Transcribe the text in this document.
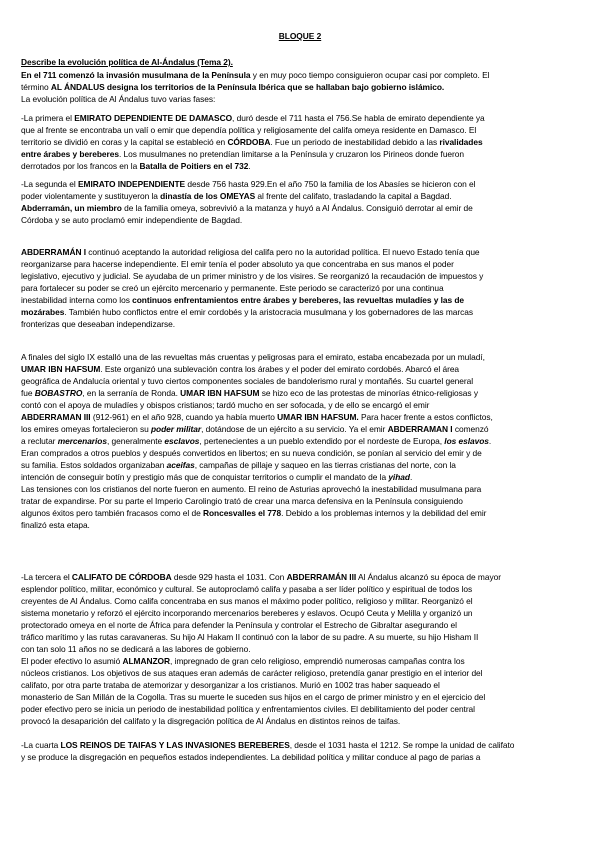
BLOQUE 2
Describe la evolución política de Al-Ándalus (Tema 2).
En el 711 comenzó la invasión musulmana de la Península y en muy poco tiempo consiguieron ocupar casi por completo. El
término AL ÁNDALUS designa los territorios de la Península Ibérica que se hallaban bajo gobierno islámico.
La evolución política de Al Ándalus tuvo varias fases:
-La primera el EMIRATO DEPENDIENTE DE DAMASCO, duró desde el 711 hasta el 756.Se habla de emirato dependiente ya
que al frente se encontraba un valí o emir que dependía política y religiosamente del califa omeya residente en Damasco. El
territorio se dividió en coras y la capital se estableció en CÓRDOBA. Fue un periodo de inestabilidad debido a las rivalidades
entre árabes y bereberes. Los musulmanes no pretendían limitarse a la Península y cruzaron los Pirineos donde fueron
derrotados por los francos en la Batalla de Poitiers en el 732.
-La segunda el EMIRATO INDEPENDIENTE desde 756 hasta 929.En el año 750 la familia de los Abasíes se hicieron con el
poder violentamente y sustituyeron la dinastía de los OMEYAS al frente del califato, trasladando la capital a Bagdad.
Abderramán, un miembro de la familia omeya, sobrevivió a la matanza y huyó a Al Ándalus. Consiguió derrotar al emir de
Córdoba y se auto proclamó emir independiente de Bagdad.
ABDERRAMÁN I continuó aceptando la autoridad religiosa del califa pero no la autoridad política. El nuevo Estado tenía que
reorganizarse para hacerse independiente. El emir tenía el poder absoluto ya que concentraba en sus manos el poder
legislativo, ejecutivo y judicial. Se ayudaba de un primer ministro y de los visires. Se reorganizó la recaudación de impuestos y
para fortalecer su poder se creó un ejército mercenario y permanente. Este periodo se caracterizó por una continua
inestabilidad interna como los continuos enfrentamientos entre árabes y bereberes, las revueltas muladíes y las de
mozárabes. También hubo conflictos entre el emir cordobés y la aristocracia musulmana y los gobernadores de las marcas
fronterizas que deseaban independizarse.
A finales del siglo IX estalló una de las revueltas más cruentas y peligrosas para el emirato, estaba encabezada por un muladí,
UMAR IBN HAFSUM. Este organizó una sublevación contra los árabes y el poder del emirato cordobés. Abarcó el área
geográfica de Andalucía oriental y tuvo ciertos componentes sociales de bandolerismo rural y montañés. Su cuartel general
fue BOBASTRO, en la serranía de Ronda. UMAR IBN HAFSUM se hizo eco de las protestas de minorías étnico-religiosas y
contó con el apoya de muladíes y obispos cristianos; tardó mucho en ser sofocada, y de ello se encargó el emir
ABDERRAMAN III (912-961) en el año 928, cuando ya había muerto UMAR IBN HAFSUM. Para hacer frente a estos conflictos,
los emires omeyas fortalecieron su poder militar, dotándose de un ejército a su servicio. Ya el emir ABDERRAMAN I comenzó
a reclutar mercenarios, generalmente esclavos, pertenecientes a un pueblo extendido por el nordeste de Europa, los eslavos.
Eran comprados a otros pueblos y después convertidos en libertos; en su nueva condición, se ponían al servicio del emir y de
su familia. Estos soldados organizaban aceifas, campañas de pillaje y saqueo en las tierras cristianas del norte, con la
intención de conseguir botín y prestigio más que de conquistar territorios o cumplir el mandato de la yihad.
Las tensiones con los cristianos del norte fueron en aumento. El reino de Asturias aprovechó la inestabilidad musulmana para
tratar de expandirse. Por su parte el Imperio Carolingio trató de crear una marca defensiva en la Península consiguiendo
algunos éxitos pero también fracasos como el de Roncesvalles el 778. Debido a los problemas internos y la debilidad del emir
finalizó esta etapa.
-La tercera el CALIFATO DE CÓRDOBA desde 929 hasta el 1031. Con ABDERRAMÁN III Al Ándalus alcanzó su época de mayor
esplendor político, militar, económico y cultural. Se autoproclamó califa y pasaba a ser líder político y espiritual de todos los
creyentes de Al Ándalus. Como califa concentraba en sus manos el máximo poder político, religioso y militar. Reorganizó el
sistema monetario y reforzó el ejército incorporando mercenarios bereberes y eslavos. Ocupó Ceuta y Melilla y organizó un
protectorado omeya en el norte de África para defender la Península y controlar el Estrecho de Gibraltar asegurando el
tráfico marítimo y las rutas caravaneras. Su hijo Al Hakam II continuó con la labor de su padre. A su muerte, su hijo Hisham II
con tan solo 11 años no se dedicará a las labores de gobierno.
El poder efectivo lo asumió ALMANZOR, impregnado de gran celo religioso, emprendió numerosas campañas contra los
núcleos cristianos. Los objetivos de sus ataques eran además de carácter religioso, pretendía ganar prestigio en el interior del
califato, por otra parte trataba de atemorizar y desorganizar a los cristianos. Murió en 1002 tras haber saqueado el
monasterio de San Millán de la Cogolla. Tras su muerte le suceden sus hijos en el cargo de primer ministro y en el ejercicio del
poder efectivo pero se inicia un periodo de inestabilidad política y enfrentamientos civiles. El debilitamiento del poder central
provocó la desaparición del califato y la disgregación política de Al Ándalus en distintos reinos de taifas.
-La cuarta LOS REINOS DE TAIFAS Y LAS INVASIONES BEREBERES, desde el 1031 hasta el 1212. Se rompe la unidad de califato
y se produce la disgregación en pequeños estados independientes. La debilidad política y militar conduce al pago de parias a
